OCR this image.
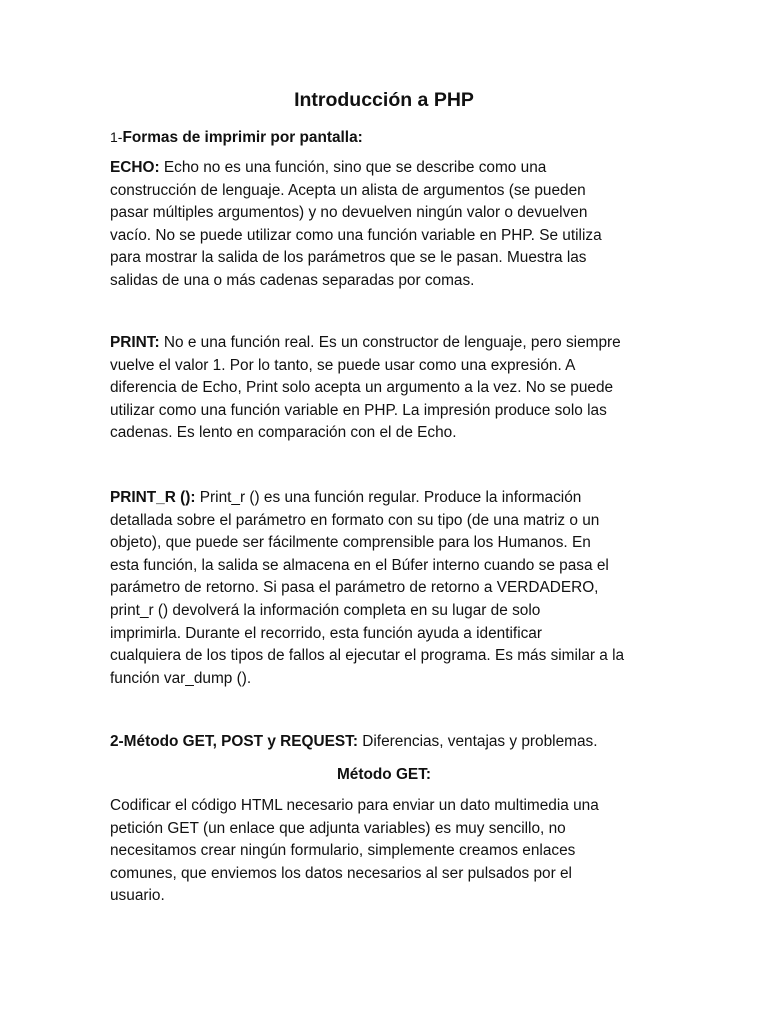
Introducción a PHP

1-Formas de imprimir por pantalla:

ECHO: Echo no es una función, sino que se describe como una
construcción de lenguaje. Acepta un alista de argumentos (se pueden
pasar múltiples argumentos) y no devuelven ningún valor o devuelven
vacío. No se puede utilizar como una función variable en PHP. Se utiliza
para mostrar la salida de los parámetros que se le pasan. Muestra las
salidas de una o más cadenas separadas por comas.

PRINT: No e una función real. Es un constructor de lenguaje, pero siempre
vuelve el valor 1. Por lo tanto, se puede usar como una expresión. A
diferencia de Echo, Print solo acepta un argumento a la vez. No se puede
utilizar como una función variable en PHP. La impresión produce solo las
cadenas. Es lento en comparación con el de Echo.

PRINT_R (): Print_r () es una función regular. Produce la información
detallada sobre el parámetro en formato con su tipo (de una matriz o un
objeto), que puede ser fácilmente comprensible para los Humanos. En
esta función, la salida se almacena en el Búfer interno cuando se pasa el
parámetro de retorno. Si pasa el parámetro de retorno a VERDADERO,
print_r () devolverá la información completa en su lugar de solo
imprimirla. Durante el recorrido, esta función ayuda a identificar
cualquiera de los tipos de fallos al ejecutar el programa. Es más similar a la
función var_dump ().

2-Método GET, POST y REQUEST: Diferencias, ventajas y problemas.

Método GET:

Codificar el código HTML necesario para enviar un dato multimedia una
petición GET (un enlace que adjunta variables) es muy sencillo, no
necesitamos crear ningún formulario, simplemente creamos enlaces
comunes, que enviemos los datos necesarios al ser pulsados por el
usuario.
